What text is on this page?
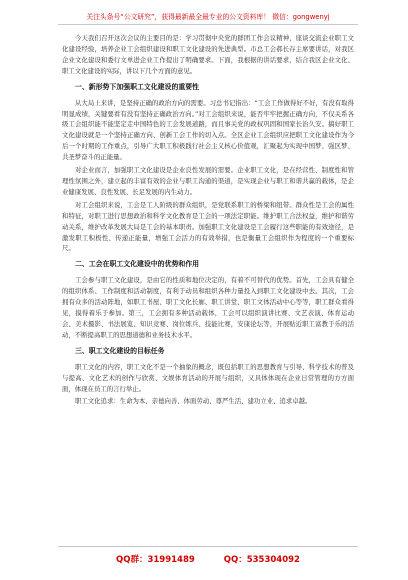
关注头条号“公文研究”，获得最新最全最专业的公文资料库！ 微信：gongwenyj

今天我们召开这次会议的主要目的是：学习贯彻中央党的群团工作会议精神，座谈交流企业职工文化建设经验，培养企业工会组织建设和职工文化建设的先进典型。市总工会郝长存主席要讲话，对我区企业文化建设和委行文单进企业工作提出了明确要求。下面，我根据的讲话要求，结合我区企业文化、职工文化建设的实际，讲以下几个方面的意见。

一、新形势下加强职工文化建设的重要性

从大局上来讲，是坚持正确的政治方向的需要。习总书记指出：“工会工作做得好不好，有没有取得明显成绩，关键要看有没有坚持正确政治方向。”对工会组织来说，能否牢牢把握正确方向，不仅关系各级工会组织能不能坚定走中国特色的工会发展道路，而且事关党的政权巩固和国家长治久安。搞好职工文化建设就是一个坚持正确方向、创新工会工作的切入点。全区企业工会组织应把职工文化建设作为今后一个时期的工作重点，引导广大职工积极践行社会主义核心价值观，汇聚起为实现中国梦、强区梦、共圣梦奋斗的正能量。

对企业而言，加强职工文化建设是企业良性发展的需要。企业职工文化，是在经营性、制度性和管理性氛围之外，建立起的丰富有效的企业与职工沟通的渠道，是实现企业与职工和谐共赢的载体，是企业健康发展、良性发展、长足发展的内生动力。

对工会组织来说，工会是工人阶级的群众组织，是党联系职工的桥梁和纽带。群众性是工会的属性和特征，对职工进行思想政治和科学文化教育是工会的一项法定职能。维护职工合法权益，维护和谐劳动关系，维护改革发展大局是工会的基本职责。加强职工文化建设是工会履行这些职能的有效途径，是激发职工积极性、传递正能量，增强工会活力的有效举措，也是衡量工会组织作为程度的一个重要标尺。

二、工会在职工文化建设中的优势和作用

工会参与职工文化建设，是由它的性质和地位决定的，有着不可替代的优势。首先，工会具有健全的组织体系、工作制度和活动制度，有利于动员和组织各种力量投入到职工文化建设中去。其次，工会拥有众多的活动阵地，如职工书屋、职工文化长廊、职工讲堂、职工文体活动中心等等，职工群众看得见，摸得着乐于参加。第三，工会拥有多种活动载体，工会可以组织演讲比赛、文艺表演、体育运动会、美术摄影、书法展览、知识竞赛、岗位练兵、技能比赛，安康论坛等，开展贴近职工富教于乐的活动，不断提高职工的思想道德和业务技术水平。

三、职工文化建设的目标任务

职工文化的内容，职工文化不是一个抽象的概念，既包括职工的思想教育与引导、科学技术的普及与提高、文化艺术的创作与欣赏、文娱体育活动的开展与组织，又具体体现在企业日常管理的方方面面，体现在员工的言行举止。

职工文化追求：生命为本、亲德向善、体面劳动、尊严生活、建功立业、追求卓越。

QQ群：31991489	QQ：535304092
